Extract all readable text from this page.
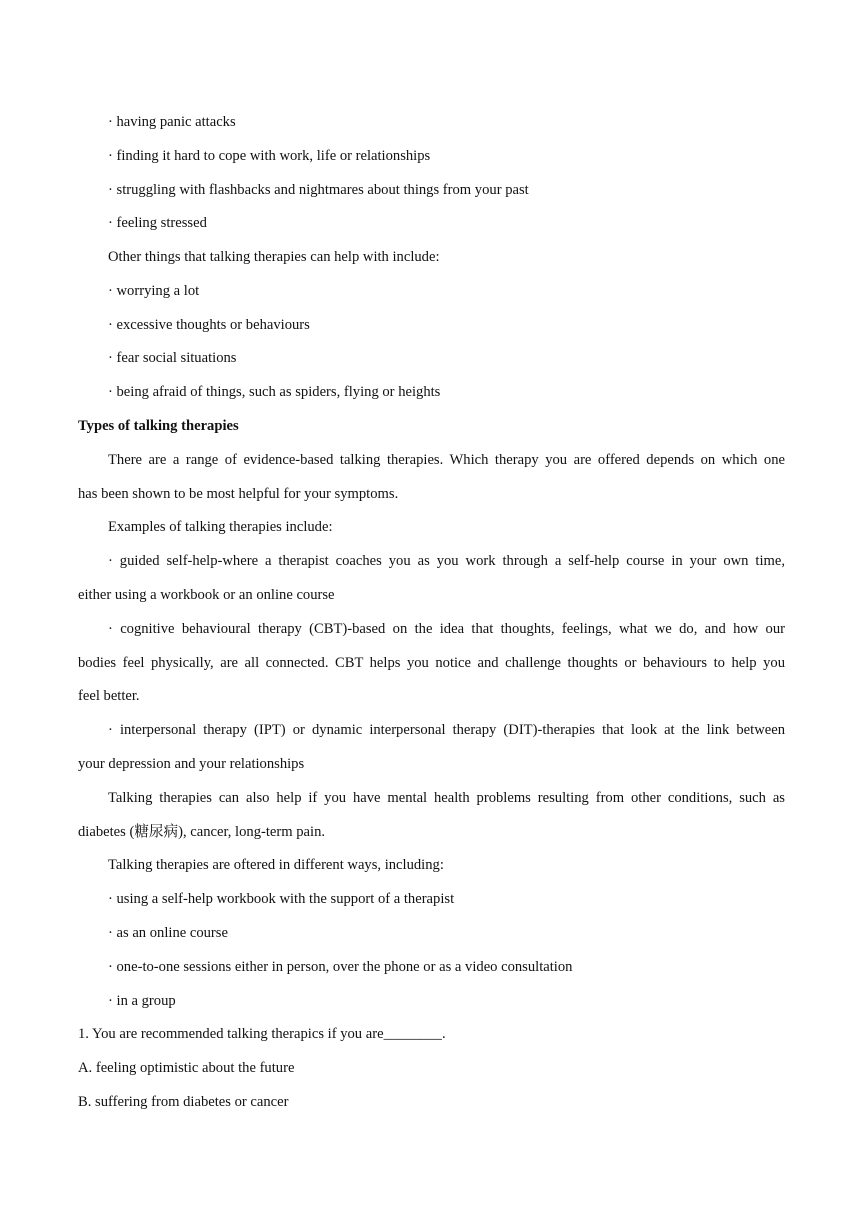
· having panic attacks

· finding it hard to cope with work, life or relationships

· struggling with flashbacks and nightmares about things from your past

· feeling stressed

Other things that talking therapies can help with include:

· worrying a lot

· excessive thoughts or behaviours

· fear social situations

· being afraid of things, such as spiders, flying or heights

Types of talking therapies

There are a range of evidence-based talking therapies. Which therapy you are offered depends on which one

has been shown to be most helpful for your symptoms.

Examples of talking therapies include:

· guided self-help-where a therapist coaches you as you work through a self-help course in your own time,

either using a workbook or an online course

· cognitive behavioural therapy (CBT)-based on the idea that thoughts, feelings, what we do, and how our

bodies feel physically, are all connected. CBT helps you notice and challenge thoughts or behaviours to help you

feel better.

· interpersonal therapy (IPT) or dynamic interpersonal therapy (DIT)-therapies that look at the link between

your depression and your relationships

Talking therapies can also help if you have mental health problems resulting from other conditions, such as

diabetes (糖尿病), cancer, long-term pain.

Talking therapies are oftered in different ways, including:

· using a self-help workbook with the support of a therapist

· as an online course

· one-to-one sessions either in person, over the phone or as a video consultation

· in a group

1. You are recommended talking therapics if you are________.

A. feeling optimistic about the future

B. suffering from diabetes or cancer
